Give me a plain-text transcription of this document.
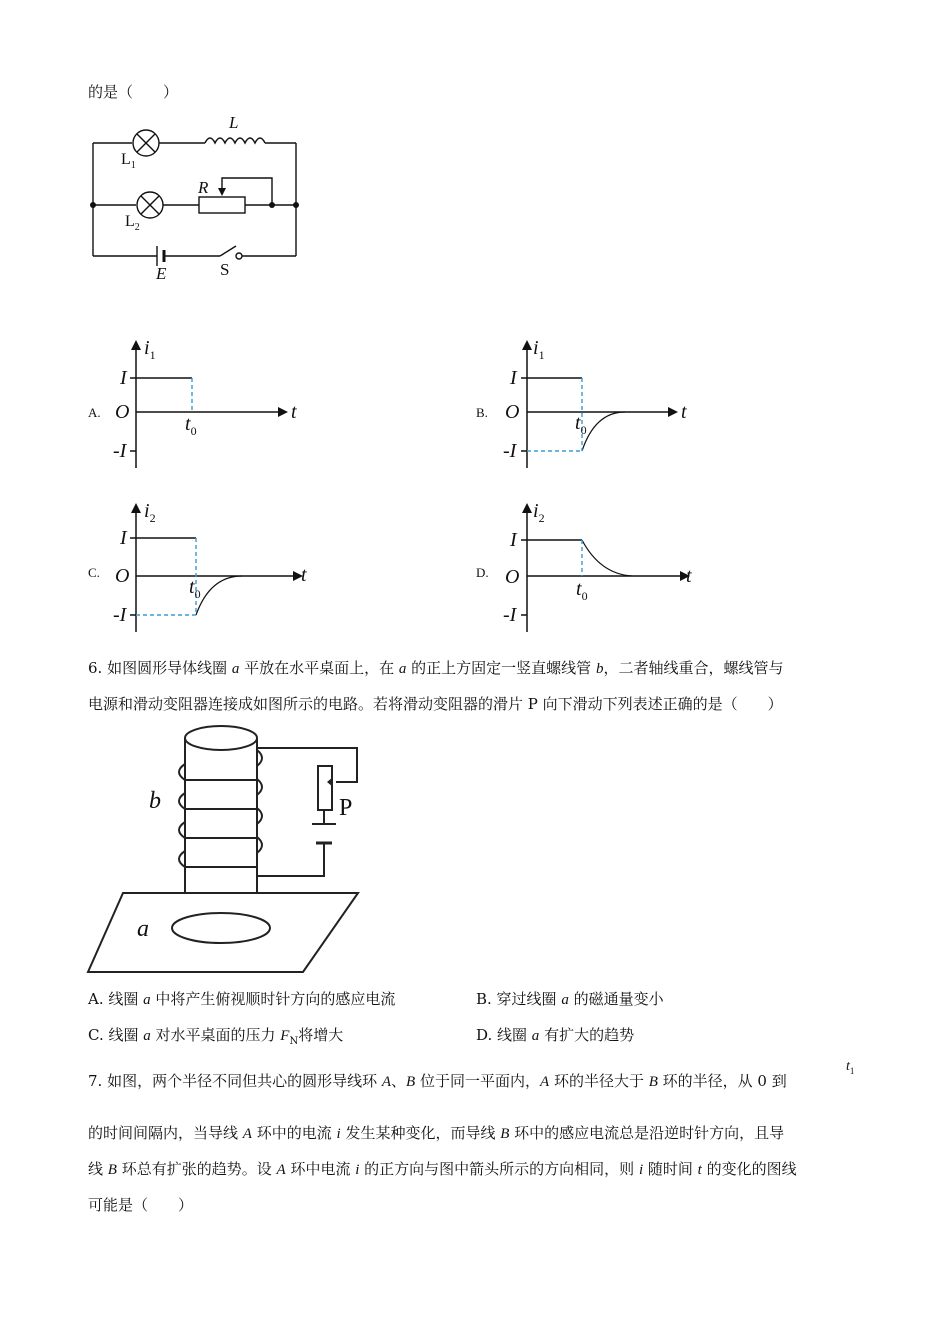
的是（　　）
L
$L_1$
R
$L_2$
E	S
A.
$i_1$
I
O
-I
t
$t_0$
B.
$i_1$
I
O
-I
t
$t_0$
C.
$i_2$
I
O
-I
t
$t_0$
D.
$i_2$
I
O
-I
t
$t_0$
6. 如图圆形导体线圈 a 平放在水平桌面上，在 a 的正上方固定一竖直螺线管 b，二者轴线重合，螺线管与
电源和滑动变阻器连接成如图所示的电路。若将滑动变阻器的滑片 P 向下滑动下列表述正确的是（　　）
b	P
a
A. 线圈 a 中将产生俯视顺时针方向的感应电流	B. 穿过线圈 a 的磁通量变小
C. 线圈 a 对水平桌面的压力 $F_N$将增大	D. 线圈 a 有扩大的趋势
7. 如图，两个半径不同但共心的圆形导线环 A、B 位于同一平面内，A 环的半径大于 B 环的半径，从 0 到
$t_1$
的时间间隔内，当导线 A 环中的电流 i 发生某种变化，而导线 B 环中的感应电流总是沿逆时针方向，且导
线 B 环总有扩张的趋势。设 A 环中电流 i 的正方向与图中箭头所示的方向相同，则 i 随时间 t 的变化的图线
可能是（　　）
